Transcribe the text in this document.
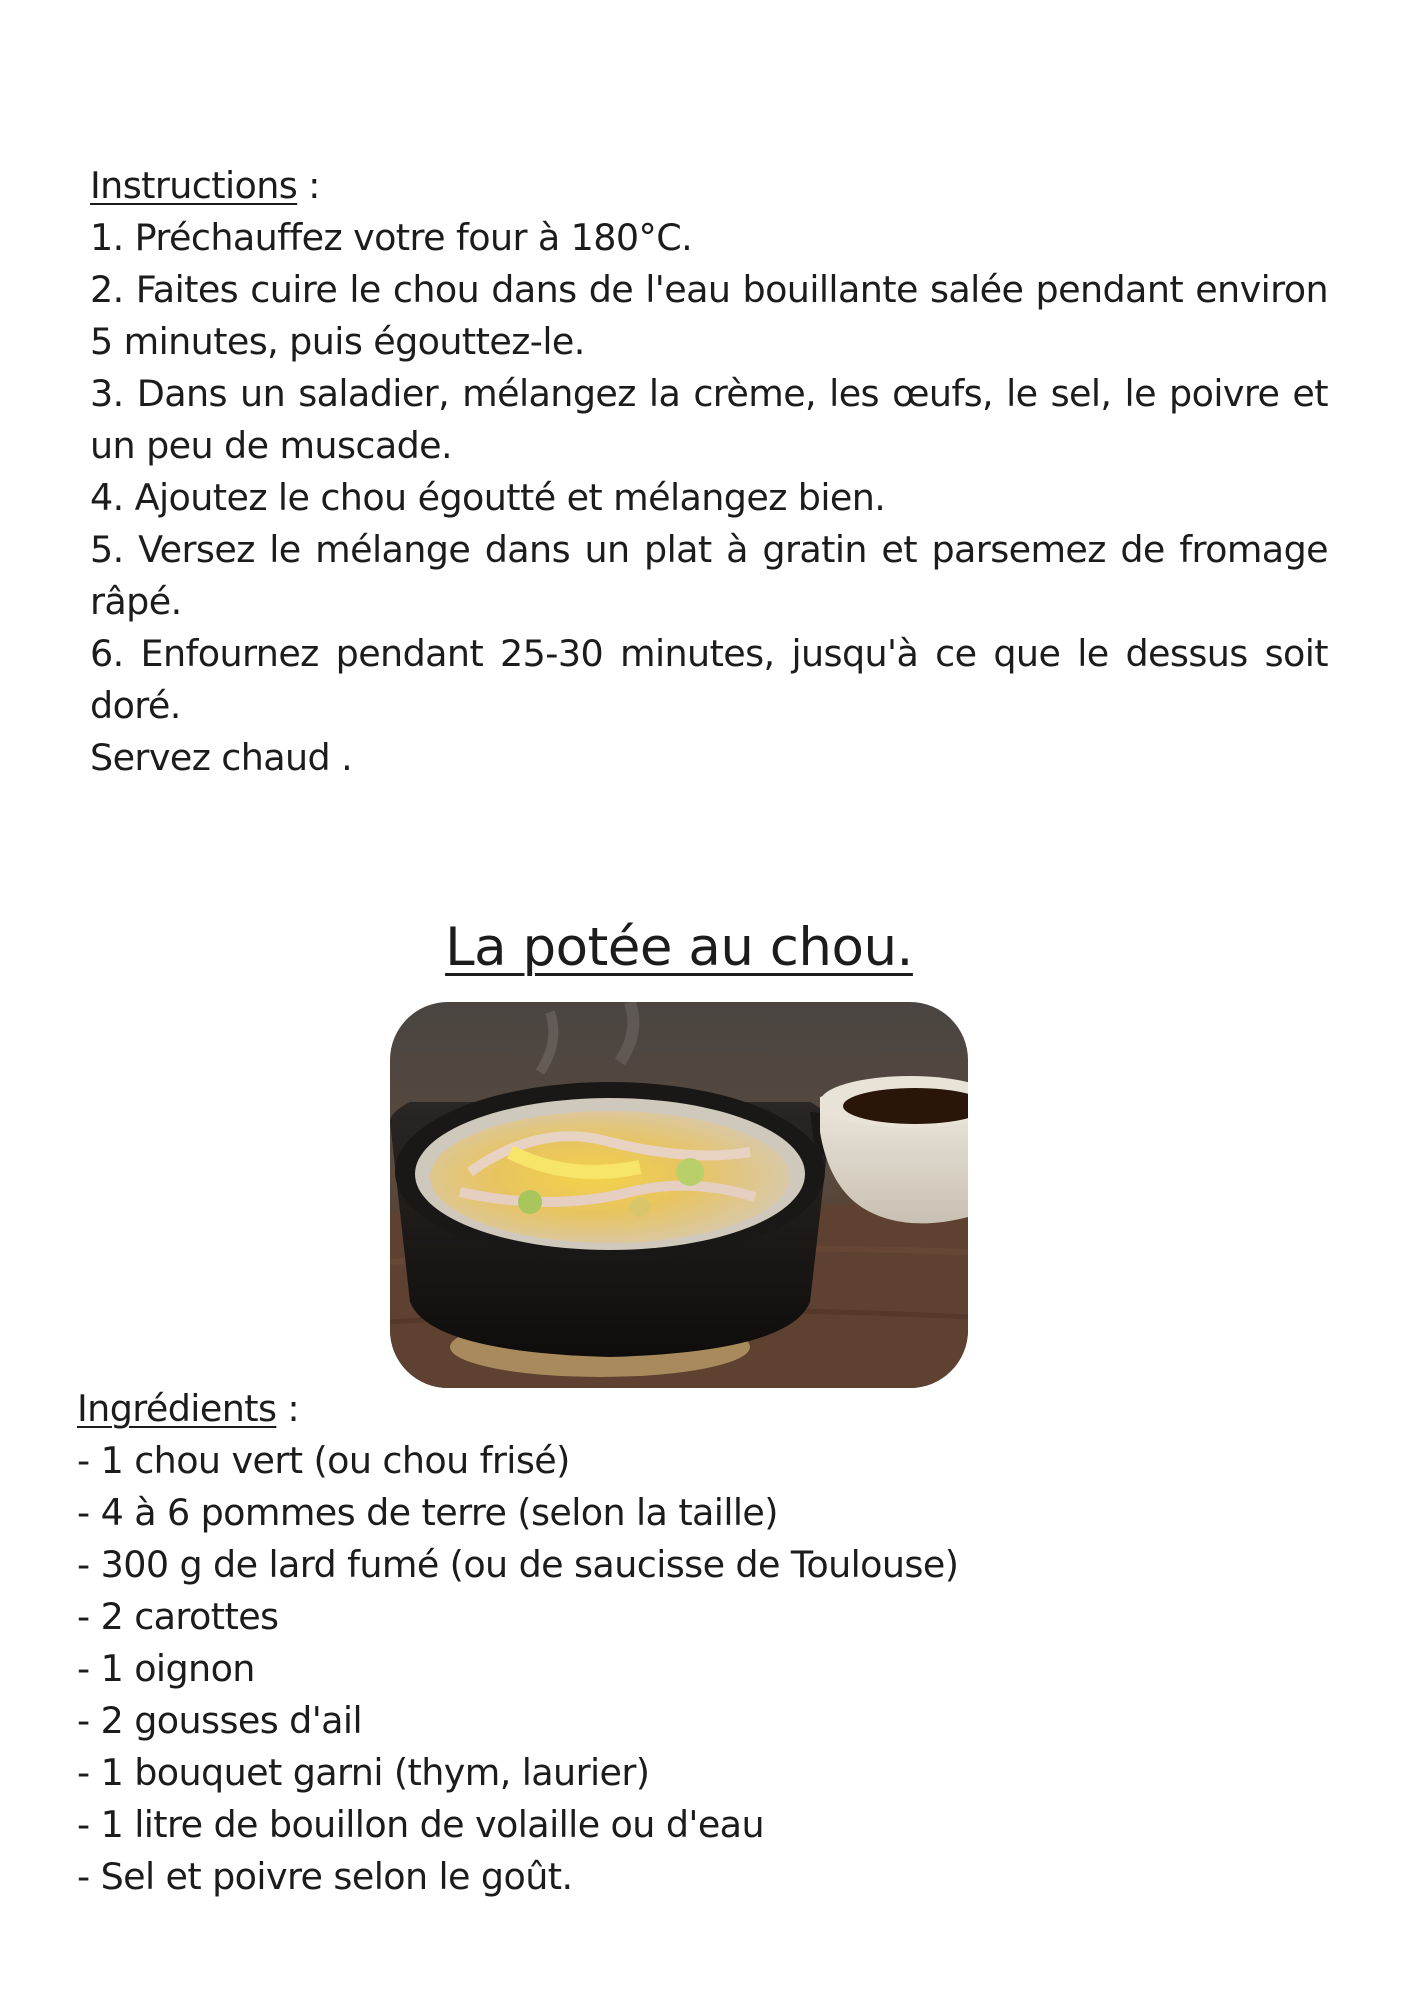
Instructions :

1. Préchauffez votre four à 180°C.

2. Faites cuire le chou dans de l'eau bouillante salée pendant environ 5 minutes, puis égouttez-le.

3. Dans un saladier, mélangez la crème, les œufs, le sel, le poivre et un peu de muscade.

4. Ajoutez le chou égoutté et mélangez bien.

5. Versez le mélange dans un plat à gratin et parsemez de fromage râpé.

6. Enfournez pendant 25-30 minutes, jusqu'à ce que le dessus soit doré.

Servez chaud .

La potée au chou.

Ingrédients :

- 1 chou vert (ou chou frisé)

- 4 à 6 pommes de terre (selon la taille)

- 300 g de lard fumé (ou de saucisse de Toulouse)

- 2 carottes

- 1 oignon

- 2 gousses d'ail

- 1 bouquet garni (thym, laurier)

- 1 litre de bouillon de volaille ou d'eau

- Sel et poivre selon le goût.
